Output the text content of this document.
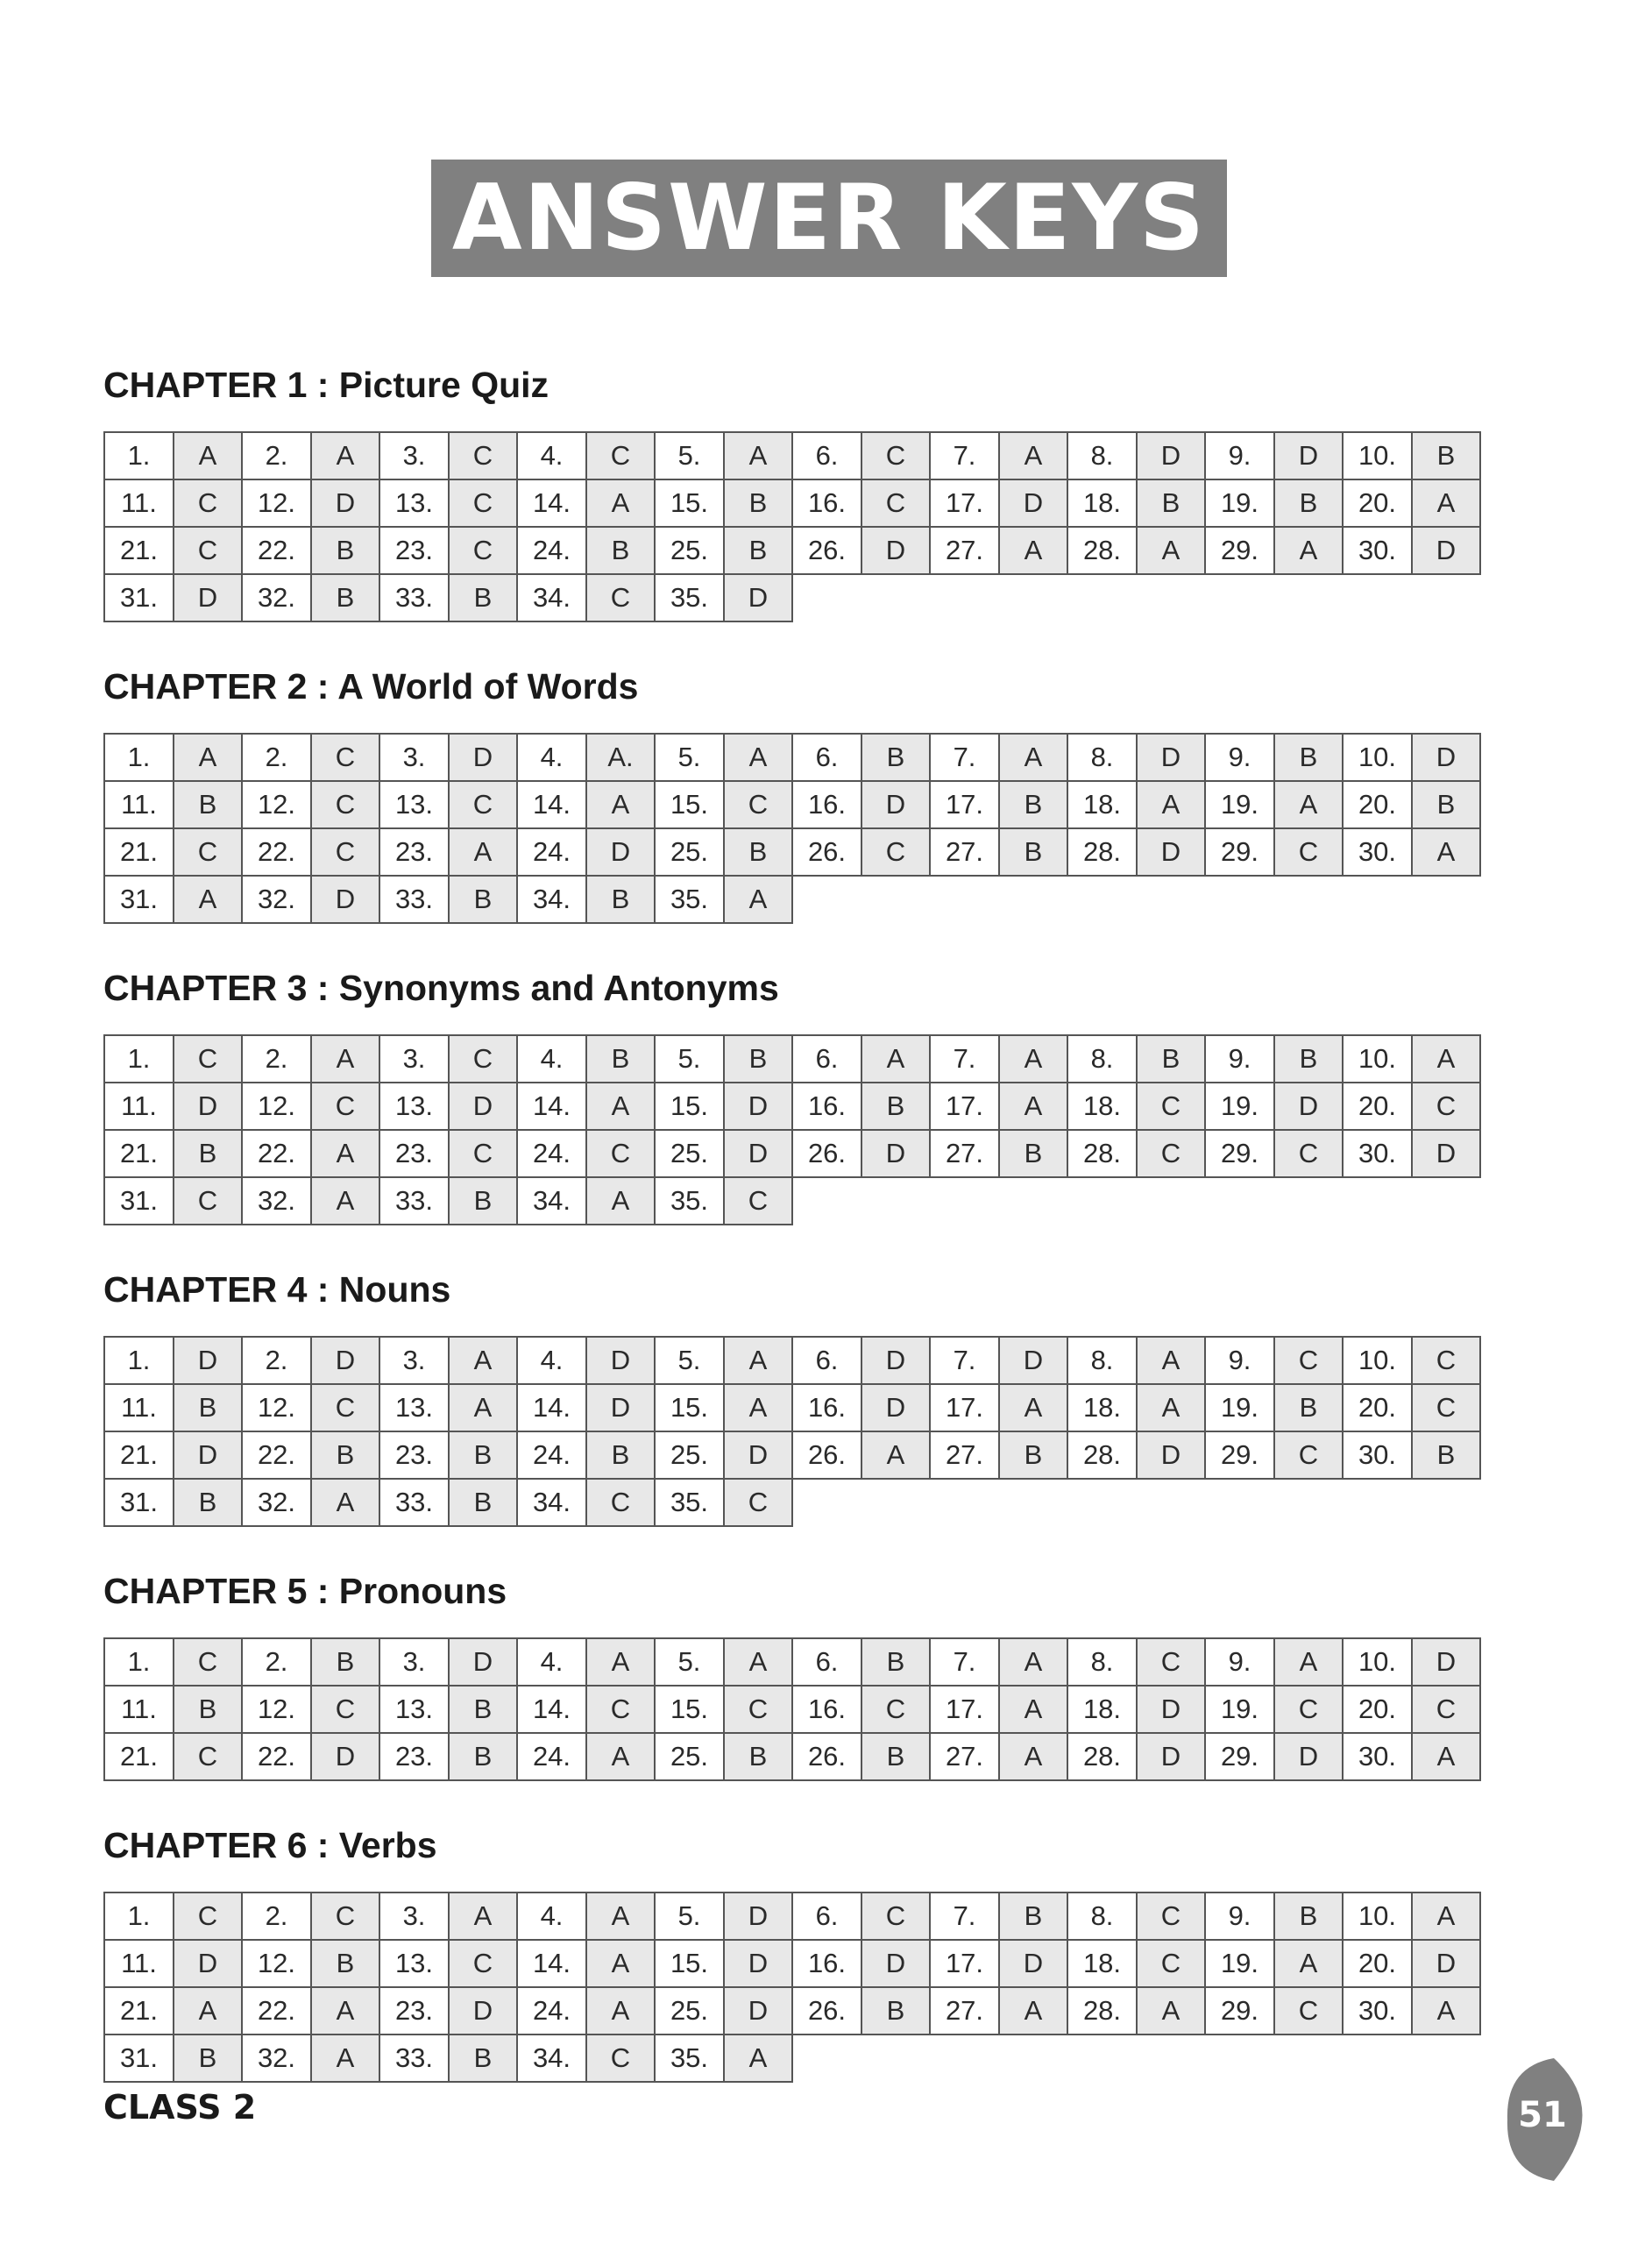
ANSWER KEYS
CHAPTER 1 : Picture Quiz
1.	A	2.	A	3.	C	4.	C	5.	A	6.	C	7.	A	8.	D	9.	D	10.	B
11.	C	12.	D	13.	C	14.	A	15.	B	16.	C	17.	D	18.	B	19.	B	20.	A
21.	C	22.	B	23.	C	24.	B	25.	B	26.	D	27.	A	28.	A	29.	A	30.	D
31.	D	32.	B	33.	B	34.	C	35.	D										
CHAPTER 2 : A World of Words
1.	A	2.	C	3.	D	4.	A.	5.	A	6.	B	7.	A	8.	D	9.	B	10.	D
11.	B	12.	C	13.	C	14.	A	15.	C	16.	D	17.	B	18.	A	19.	A	20.	B
21.	C	22.	C	23.	A	24.	D	25.	B	26.	C	27.	B	28.	D	29.	C	30.	A
31.	A	32.	D	33.	B	34.	B	35.	A										
CHAPTER 3 : Synonyms and Antonyms
1.	C	2.	A	3.	C	4.	B	5.	B	6.	A	7.	A	8.	B	9.	B	10.	A
11.	D	12.	C	13.	D	14.	A	15.	D	16.	B	17.	A	18.	C	19.	D	20.	C
21.	B	22.	A	23.	C	24.	C	25.	D	26.	D	27.	B	28.	C	29.	C	30.	D
31.	C	32.	A	33.	B	34.	A	35.	C										
CHAPTER 4 : Nouns
1.	D	2.	D	3.	A	4.	D	5.	A	6.	D	7.	D	8.	A	9.	C	10.	C
11.	B	12.	C	13.	A	14.	D	15.	A	16.	D	17.	A	18.	A	19.	B	20.	C
21.	D	22.	B	23.	B	24.	B	25.	D	26.	A	27.	B	28.	D	29.	C	30.	B
31.	B	32.	A	33.	B	34.	C	35.	C										
CHAPTER 5 : Pronouns
1.	C	2.	B	3.	D	4.	A	5.	A	6.	B	7.	A	8.	C	9.	A	10.	D
11.	B	12.	C	13.	B	14.	C	15.	C	16.	C	17.	A	18.	D	19.	C	20.	C
21.	C	22.	D	23.	B	24.	A	25.	B	26.	B	27.	A	28.	D	29.	D	30.	A
CHAPTER 6 : Verbs
1.	C	2.	C	3.	A	4.	A	5.	D	6.	C	7.	B	8.	C	9.	B	10.	A
11.	D	12.	B	13.	C	14.	A	15.	D	16.	D	17.	D	18.	C	19.	A	20.	D
21.	A	22.	A	23.	D	24.	A	25.	D	26.	B	27.	A	28.	A	29.	C	30.	A
31.	B	32.	A	33.	B	34.	C	35.	A										
CLASS 2	51
